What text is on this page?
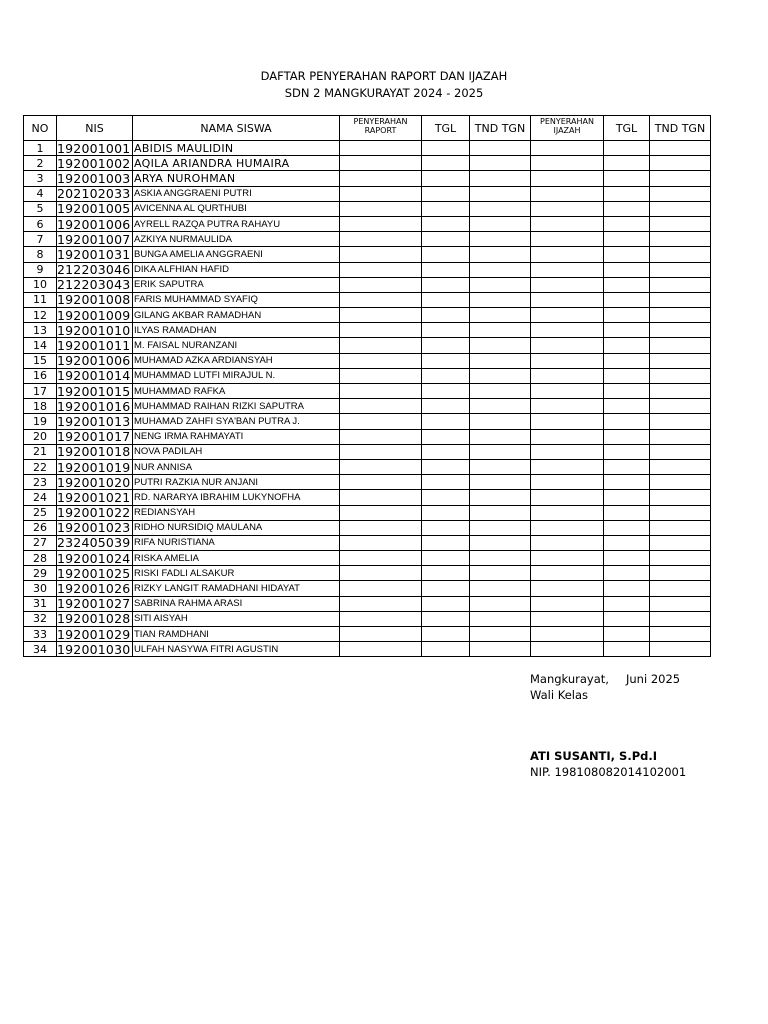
DAFTAR PENYERAHAN RAPORT DAN IJAZAH
SDN 2 MANGKURAYAT 2024 - 2025
NO	NIS	NAMA SISWA	PENYERAHAN RAPORT	TGL	TND TGN	PENYERAHAN IJAZAH	TGL	TND TGN
1	192001001	ABIDIS MAULIDIN						
2	192001002	AQILA ARIANDRA HUMAIRA						
3	192001003	ARYA NUROHMAN						
4	202102033	ASKIA ANGGRAENI PUTRI						
5	192001005	AVICENNA AL QURTHUBI						
6	192001006	AYRELL RAZQA PUTRA RAHAYU						
7	192001007	AZKIYA NURMAULIDA						
8	192001031	BUNGA AMELIA ANGGRAENI						
9	212203046	DIKA ALFHIAN HAFID						
10	212203043	ERIK SAPUTRA						
11	192001008	FARIS MUHAMMAD SYAFIQ						
12	192001009	GILANG AKBAR RAMADHAN						
13	192001010	ILYAS RAMADHAN						
14	192001011	M. FAISAL NURANZANI						
15	192001006	MUHAMAD AZKA ARDIANSYAH						
16	192001014	MUHAMMAD LUTFI MIRAJUL N.						
17	192001015	MUHAMMAD RAFKA						
18	192001016	MUHAMMAD RAIHAN RIZKI SAPUTRA						
19	192001013	MUHAMAD ZAHFI SYA'BAN PUTRA J.						
20	192001017	NENG IRMA RAHMAYATI						
21	192001018	NOVA PADILAH						
22	192001019	NUR ANNISA						
23	192001020	PUTRI RAZKIA NUR ANJANI						
24	192001021	RD. NARARYA IBRAHIM LUKYNOFHA						
25	192001022	REDIANSYAH						
26	192001023	RIDHO NURSIDIQ MAULANA						
27	232405039	RIFA NURISTIANA						
28	192001024	RISKA AMELIA						
29	192001025	RISKI FADLI ALSAKUR						
30	192001026	RIZKY LANGIT RAMADHANI HIDAYAT						
31	192001027	SABRINA RAHMA ARASI						
32	192001028	SITI AISYAH						
33	192001029	TIAN RAMDHANI						
34	192001030	ULFAH NASYWA FITRI AGUSTIN						
Mangkurayat, Juni 2025
Wali Kelas
ATI SUSANTI, S.Pd.I
NIP. 19810808201410200​1
